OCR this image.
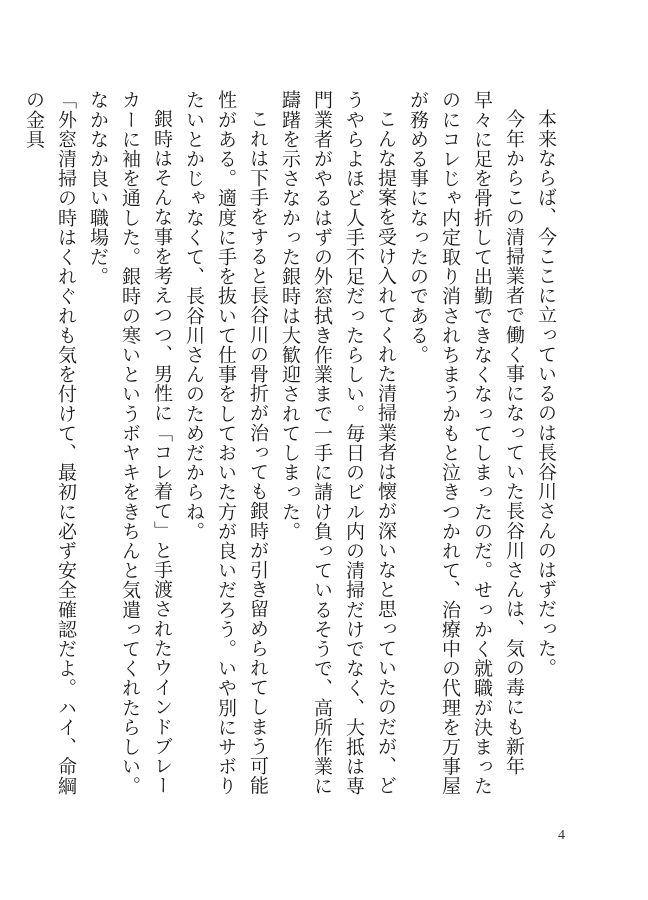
本来ならば、今ここに立っているのは長谷川さんのはずだった。

今年からこの清掃業者で働く事になっていた長谷川さんは、気の毒にも新年早々に足を骨折して出勤できなくなってしまったのだ。せっかく就職が決まったのにコレじゃ内定取り消されちまうかもと泣きつかれて、治療中の代理を万事屋が務める事になったのである。

こんな提案を受け入れてくれた清掃業者は懐が深いなと思っていたのだが、どうやらよほど人手不足だったらしい。毎日のビル内の清掃だけでなく、大抵は専門業者がやるはずの外窓拭き作業まで一手に請け負っているそうで、高所作業に躊躇を示さなかった銀時は大歓迎されてしまった。

これは下手をすると長谷川の骨折が治っても銀時が引き留められてしまう可能性がある。適度に手を抜いて仕事をしておいた方が良いだろう。いや別にサボりたいとかじゃなくて、長谷川さんのためだからね。

銀時はそんな事を考えつつ、男性に「コレ着て」と手渡されたウインドブレーカーに袖を通した。銀時の寒いというボヤキをきちんと気遣ってくれたらしい。なかなか良い職場だ。

「外窓清掃の時はくれぐれも気を付けて、最初に必ず安全確認だよ。ハイ、命綱の金具

4
